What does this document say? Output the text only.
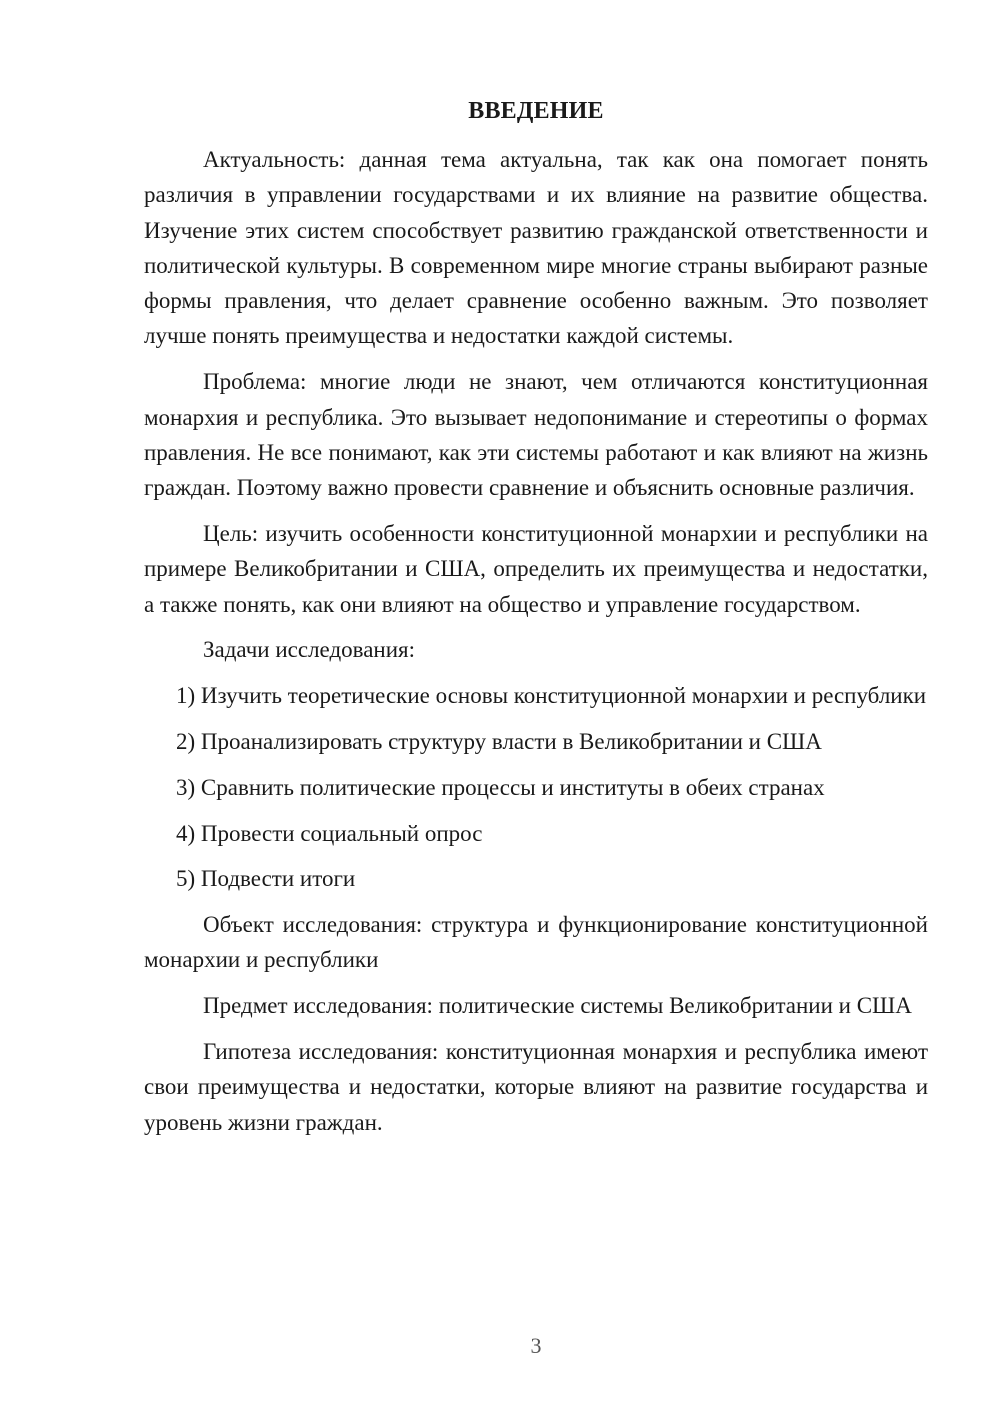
ВВЕДЕНИЕ

Актуальность: данная тема актуальна, так как она помогает понять различия в управлении государствами и их влияние на развитие общества. Изучение этих систем способствует развитию гражданской ответственности и политической культуры. В современном мире многие страны выбирают разные формы правления, что делает сравнение особенно важным. Это позволяет лучше понять преимущества и недостатки каждой системы.

Проблема: многие люди не знают, чем отличаются конституционная монархия и республика. Это вызывает недопонимание и стереотипы о формах правления. Не все понимают, как эти системы работают и как влияют на жизнь граждан. Поэтому важно провести сравнение и объяснить основные различия.

Цель: изучить особенности конституционной монархии и республики на примере Великобритании и США, определить их преимущества и недостатки, а также понять, как они влияют на общество и управление государством.

Задачи исследования:

1) Изучить теоретические основы конституционной монархии и республики

2) Проанализировать структуру власти в Великобритании и США

3) Сравнить политические процессы и институты в обеих странах

4) Провести социальный опрос

5) Подвести итоги

Объект исследования: структура и функционирование конституционной монархии и республики

Предмет исследования: политические системы Великобритании и США

Гипотеза исследования: конституционная монархия и республика имеют свои преимущества и недостатки, которые влияют на развитие государства и уровень жизни граждан.

3
